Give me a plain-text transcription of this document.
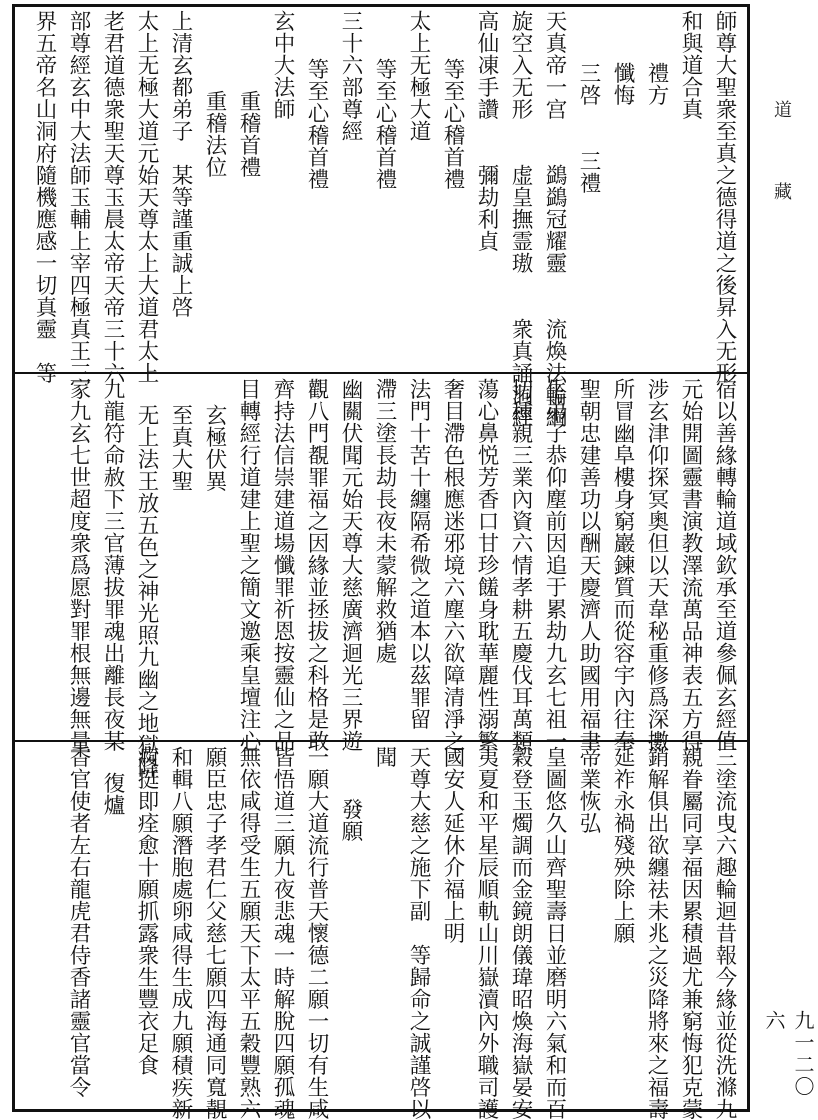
道
藏
九一二〇六
師尊大聖衆至真之德得道之後昇入无形
和與道合真
禮方
懺悔
三啓　　三禮
天真帝一宫　　鷁鷁冠耀靈　　流煥法輪綱
旋空入无形　　虚皇撫霊璈　　衆真誦洞經
高仙凍手讚　　彌劫利貞
　等至心稽首禮
太上无極大道
　等至心稽首禮
三十六部尊經
　等至心稽首禮
玄中大法師
重稽首禮
重稽法位
上清玄都弟子　某等謹重誠上啓
太上无極大道元始天尊太上大道君太上
老君道德衆聖天尊玉晨太帝天帝三十六
部尊經玄中大法師玉輔上宰四極真王三
界五帝名山洞府隨機應感一切真靈　等
宿以善緣轉輪道域欽承至道參佩玄經值
元始開圖靈書演教澤流萬品神表五方得
涉玄津仰探冥奧但以天韋秘重修爲深擻
所冒幽阜樓身窮巖鍊質而從容宇內往奉
聖朝忠建善功以酬天慶濟人助國用福聿
生弟子恭仰塵前因追于累劫九玄七祖一
切種親三業內資六情孝耕五慶伐耳萬類
蕩心鼻悦芳香口甘珍饈身耽華麗性溺繁
奢目滯色根應迷邪境六塵六欲障清淨之
法門十苦十纏隔希微之道本以茲罪留
滯三塗長劫長夜未蒙解救猶處
幽關伏聞元始天尊大慈廣濟迴光三界遊
觀八門覩罪福之因緣並拯拔之科格是敢
齊持法信崇建道場懺罪祈恩按靈仙之品
目轉經行道建上聖之簡文邀乘皇壇注心
玄極伏異
至真大聖
无上法王放五色之神光照九幽之地獄降
九龍符命赦下三官薄拔罪魂出離長夜某
家九玄七世超度衆爲愿對罪根無邊無量
三塗流曳六趣輪迴昔報今緣並從洗滌九
親眷屬同享福因累積過尤兼窮悔犯克蒙
銷解俱出欲纏祛未兆之災降將來之福壽
延祚永禍殘殃除上願
帝業恢弘
皇圖悠久山齊聖壽日並磨明六氣和而百
穀登玉燭調而金鏡朗儀瑋昭煥海嶽晏安
夷夏和平星辰順軌山川嶽瀆內外職司護
國安人延休介福上明
天尊大慈之施下副　等歸命之誠謹啓以
聞
發願
一願大道流行普天懷德二願一切有生咸
皆悟道三願九夜悲魂一時解脫四願孤魂
無依咸得受生五願天下太平五穀豐熟六
願臣忠子孝君仁父慈七願四海通同寬靚
和輯八願潛胞處卵咸得生成九願積疾新
痾挺即痊愈十願抓露衆生豐衣足食
復爐
香官使者左右龍虎君侍香諸靈官當令
